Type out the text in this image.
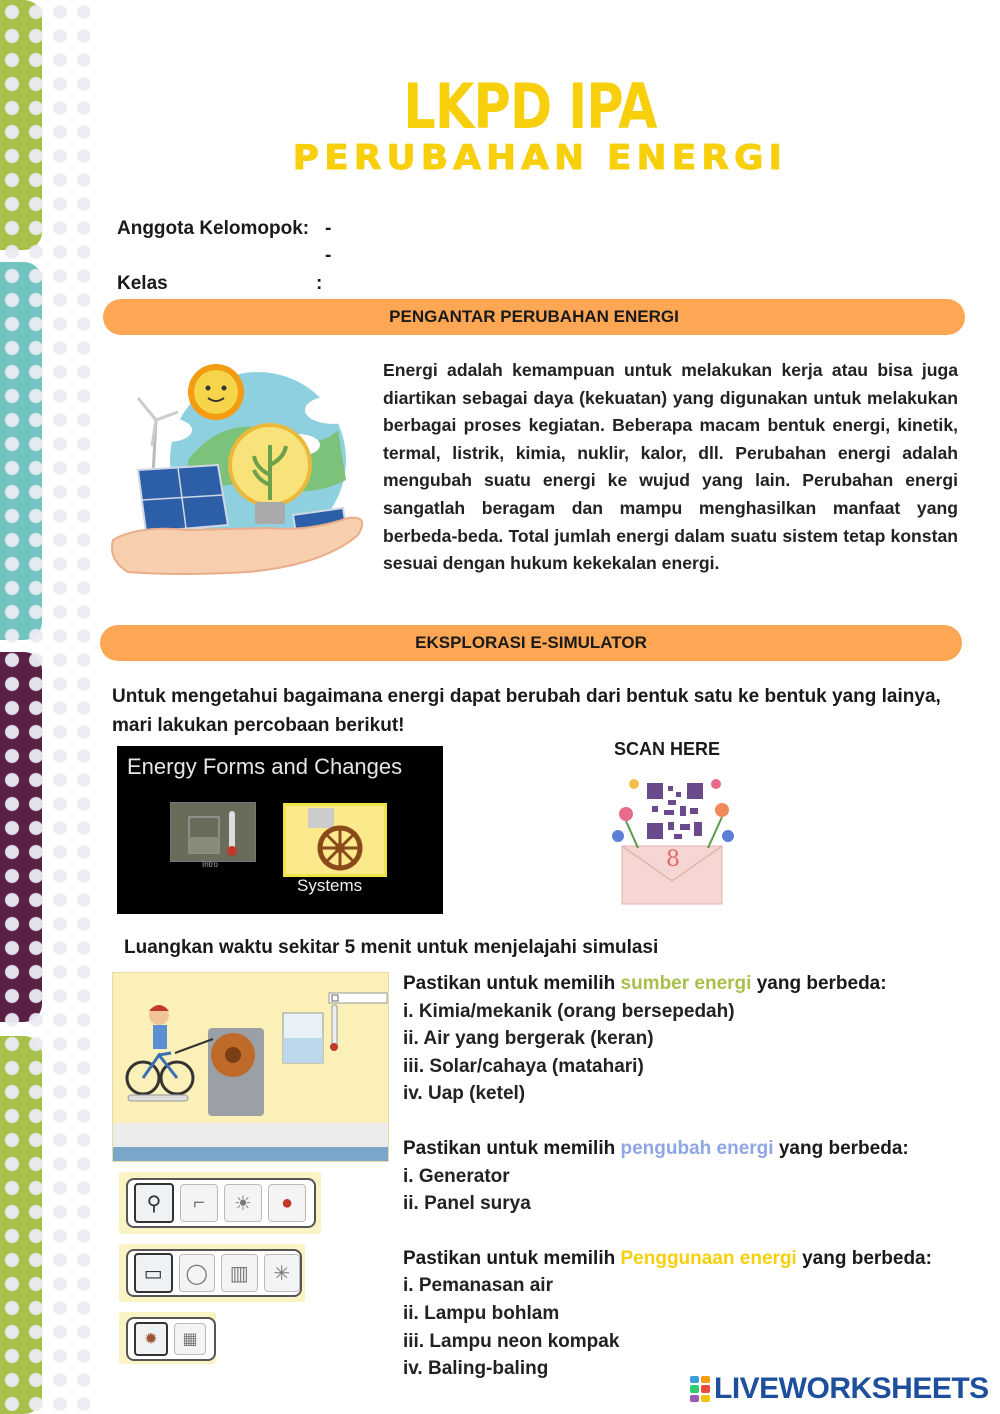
LKPD IPA
PERUBAHAN ENERGI
Anggota Kelomopok: -
-
Kelas	:
PENGANTAR PERUBAHAN ENERGI
Energi adalah kemampuan untuk melakukan kerja atau bisa juga diartikan sebagai daya (kekuatan) yang digunakan untuk melakukan berbagai proses kegiatan. Beberapa macam bentuk energi, kinetik, termal, listrik, kimia, nuklir, kalor, dll. Perubahan energi adalah mengubah suatu energi ke wujud yang lain. Perubahan energi sangatlah beragam dan mampu menghasilkan manfaat yang berbeda-beda. Total jumlah energi dalam suatu sistem tetap konstan sesuai dengan hukum kekekalan energi.
EKSPLORASI E-SIMULATOR
Untuk mengetahui bagaimana energi dapat berubah dari bentuk satu ke bentuk yang lainya, mari lakukan percobaan berikut!
Energy Forms and Changes
Intro
Systems
SCAN HERE
8
Luangkan waktu sekitar 5 menit untuk menjelajahi simulasi
⚲	⌐	☀	●
▭	◯	▥	✳
✹	▦
Pastikan untuk memilih sumber energi yang berbeda:
i. Kimia/mekanik (orang bersepedah)
ii. Air yang bergerak (keran)
iii. Solar/cahaya (matahari)
iv. Uap (ketel)
Pastikan untuk memilih pengubah energi yang berbeda:
i. Generator
ii. Panel surya
Pastikan untuk memilih Penggunaan energi yang berbeda:
i. Pemanasan air
ii. Lampu bohlam
iii. Lampu neon kompak
iv. Baling-baling
LIVEWORKSHEETS
